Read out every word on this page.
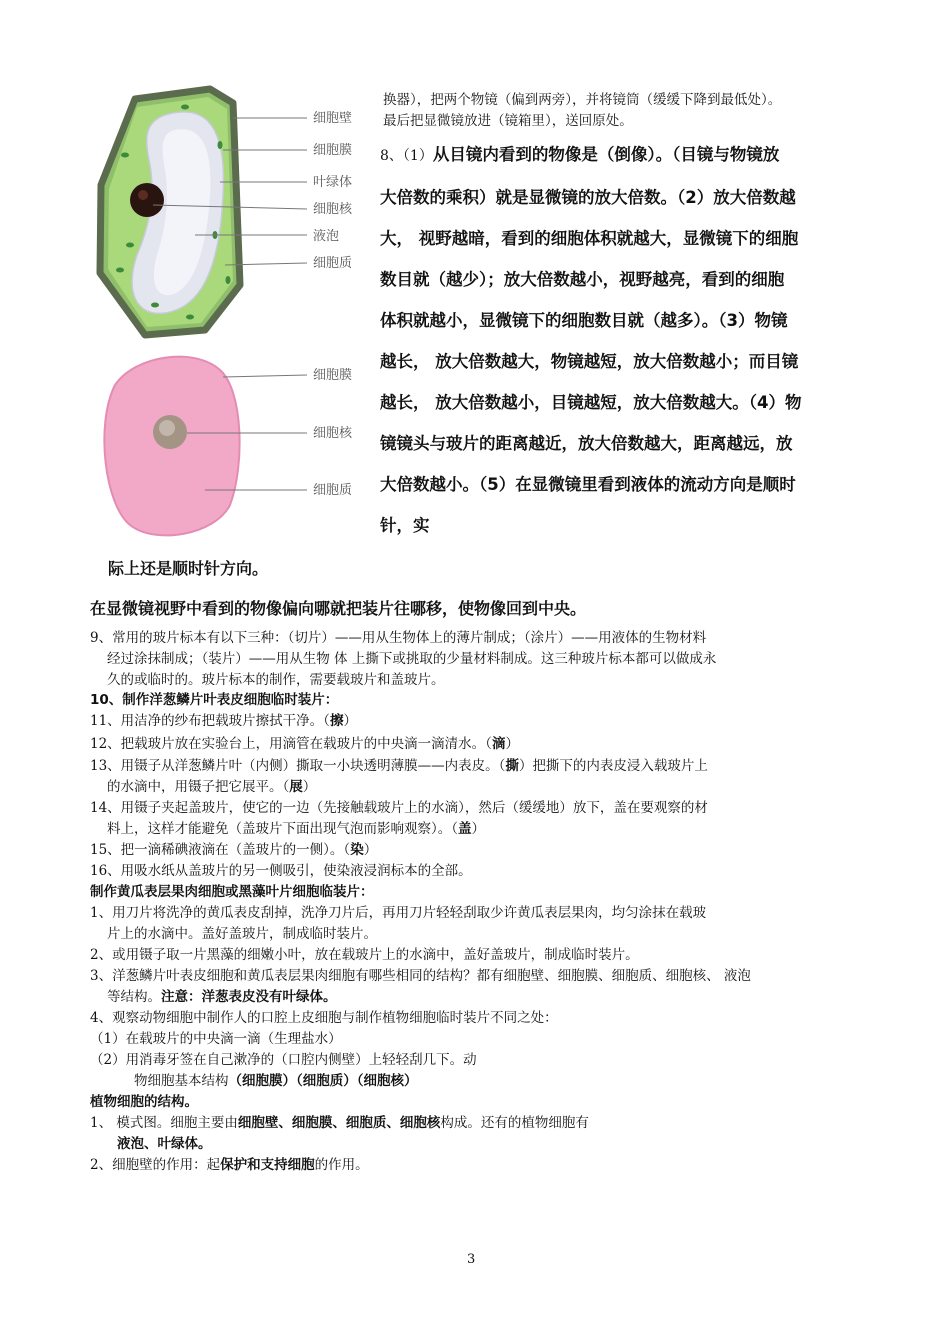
细胞壁
细胞膜
叶绿体
细胞核
液泡
细胞质
细胞膜
细胞核
细胞质
换器），把两个物镜（偏到两旁），并将镜筒（缓缓下降到最低处）。
最后把显微镜放进（镜箱里），送回原处。
8、（1）从目镜内看到的物像是（倒像）。（目镜与物镜放
大倍数的乘积）就是显微镜的放大倍数。（2）放大倍数越
大， 视野越暗，看到的细胞体积就越大，显微镜下的细胞
数目就（越少）；放大倍数越小，视野越亮，看到的细胞
体积就越小，显微镜下的细胞数目就（越多）。（3）物镜
越长， 放大倍数越大，物镜越短，放大倍数越小；而目镜
越长， 放大倍数越小，目镜越短，放大倍数越大。（4）物
镜镜头与玻片的距离越近，放大倍数越大，距离越远，放
大倍数越小。（5）在显微镜里看到液体的流动方向是顺时
针，实
际上还是顺时针方向。
在显微镜视野中看到的物像偏向哪就把装片往哪移，使物像回到中央。
9、常用的玻片标本有以下三种：（切片）——用从生物体上的薄片制成；（涂片）——用液体的生物材料
经过涂抹制成；（装片）——用从生物 体 上撕下或挑取的少量材料制成。这三种玻片标本都可以做成永
久的或临时的。玻片标本的制作，需要载玻片和盖玻片。
10、制作洋葱鳞片叶表皮细胞临时装片：
11、用洁净的纱布把载玻片擦拭干净。（擦）
12、把载玻片放在实验台上，用滴管在载玻片的中央滴一滴清水。（滴）
13、用镊子从洋葱鳞片叶（内侧）撕取一小块透明薄膜——内表皮。（撕）把撕下的内表皮浸入载玻片上
的水滴中，用镊子把它展平。（展）
14、用镊子夹起盖玻片，使它的一边（先接触载玻片上的水滴），然后（缓缓地）放下，盖在要观察的材
料上，这样才能避免（盖玻片下面出现气泡而影响观察）。（盖）
15、把一滴稀碘液滴在（盖玻片的一侧）。（染）
16、用吸水纸从盖玻片的另一侧吸引，使染液浸润标本的全部。
制作黄瓜表层果肉细胞或黑藻叶片细胞临装片：
1、用刀片将洗净的黄瓜表皮刮掉，洗净刀片后，再用刀片轻轻刮取少许黄瓜表层果肉，均匀涂抹在载玻
片上的水滴中。盖好盖玻片，制成临时装片。
2、或用镊子取一片黑藻的细嫩小叶，放在载玻片上的水滴中，盖好盖玻片，制成临时装片。
3、洋葱鳞片叶表皮细胞和黄瓜表层果肉细胞有哪些相同的结构？都有细胞壁、细胞膜、细胞质、细胞核、 液泡
等结构。注意：洋葱表皮没有叶绿体。
4、观察动物细胞中制作人的口腔上皮细胞与制作植物细胞临时装片不同之处：
（1）在载玻片的中央滴一滴（生理盐水）
（2）用消毒牙签在自己漱净的（口腔内侧壁）上轻轻刮几下。动
物细胞基本结构（细胞膜）（细胞质）（细胞核）
植物细胞的结构。
1、 模式图。细胞主要由细胞壁、细胞膜、细胞质、细胞核构成。还有的植物细胞有
液泡、叶绿体。
2、细胞壁的作用：起保护和支持细胞的作用。
3
